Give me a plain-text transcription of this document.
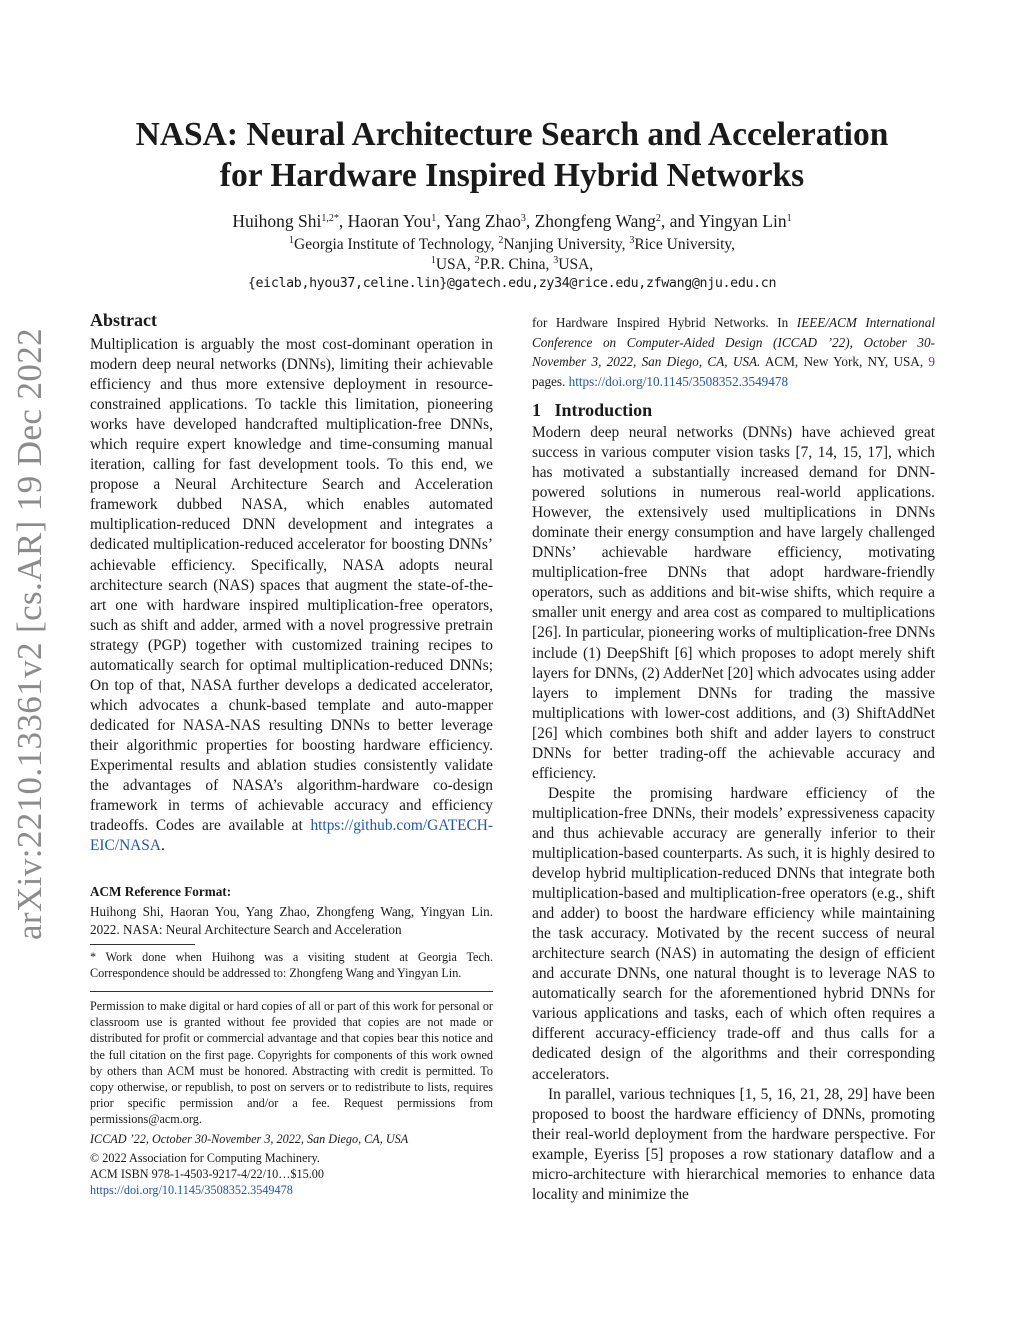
arXiv:2210.13361v2 [cs.AR] 19 Dec 2022
NASA: Neural Architecture Search and Acceleration
for Hardware Inspired Hybrid Networks
Huihong Shi$^{1,2*}$, Haoran You$^1$, Yang Zhao$^3$, Zhongfeng Wang$^2$, and Yingyan Lin$^1$
$^1$Georgia Institute of Technology, $^2$Nanjing University, $^3$Rice University,
$^1$USA, $^2$P.R. China, $^3$USA,
{eiclab,hyou37,celine.lin}@gatech.edu,zy34@rice.edu,zfwang@nju.edu.cn

Abstract

Multiplication is arguably the most cost-dominant operation in modern deep neural networks (DNNs), limiting their achievable efficiency and thus more extensive deployment in resource-constrained applications. To tackle this limitation, pioneering works have developed handcrafted multiplication-free DNNs, which require expert knowledge and time-consuming manual iteration, calling for fast development tools. To this end, we propose a Neural Architecture Search and Acceleration framework dubbed NASA, which enables automated multiplication-reduced DNN development and integrates a dedicated multiplication-reduced accelerator for boosting DNNs’ achievable efficiency. Specifically, NASA adopts neural architecture search (NAS) spaces that augment the state-of-the-art one with hardware inspired multiplication-free operators, such as shift and adder, armed with a novel progressive pretrain strategy (PGP) together with customized training recipes to automatically search for optimal multiplication-reduced DNNs; On top of that, NASA further develops a dedicated accelerator, which advocates a chunk-based template and auto-mapper dedicated for NASA-NAS resulting DNNs to better leverage their algorithmic properties for boosting hardware efficiency. Experimental results and ablation studies consistently validate the advantages of NASA’s algorithm-hardware co-design framework in terms of achievable accuracy and efficiency tradeoffs. Codes are available at https://github.com/GATECH-EIC/NASA.

ACM Reference Format:

Huihong Shi, Haoran You, Yang Zhao, Zhongfeng Wang, Yingyan Lin. 2022. NASA: Neural Architecture Search and Acceleration

* Work done when Huihong was a visiting student at Georgia Tech. Correspondence should be addressed to: Zhongfeng Wang and Yingyan Lin.

Permission to make digital or hard copies of all or part of this work for personal or classroom use is granted without fee provided that copies are not made or distributed for profit or commercial advantage and that copies bear this notice and the full citation on the first page. Copyrights for components of this work owned by others than ACM must be honored. Abstracting with credit is permitted. To copy otherwise, or republish, to post on servers or to redistribute to lists, requires prior specific permission and/or a fee. Request permissions from permissions@acm.org.

ICCAD ’22, October 30-November 3, 2022, San Diego, CA, USA

© 2022 Association for Computing Machinery.

ACM ISBN 978-1-4503-9217-4/22/10…$15.00

https://doi.org/10.1145/3508352.3549478

for Hardware Inspired Hybrid Networks. In IEEE/ACM International Conference on Computer-Aided Design (ICCAD ’22), October 30-November 3, 2022, San Diego, CA, USA. ACM, New York, NY, USA, 9 pages. https://doi.org/10.1145/3508352.3549478

1   Introduction

Modern deep neural networks (DNNs) have achieved great success in various computer vision tasks [7, 14, 15, 17], which has motivated a substantially increased demand for DNN-powered solutions in numerous real-world applications. However, the extensively used multiplications in DNNs dominate their energy consumption and have largely challenged DNNs’ achievable hardware efficiency, motivating multiplication-free DNNs that adopt hardware-friendly operators, such as additions and bit-wise shifts, which require a smaller unit energy and area cost as compared to multiplications [26]. In particular, pioneering works of multiplication-free DNNs include (1) DeepShift [6] which proposes to adopt merely shift layers for DNNs, (2) AdderNet [20] which advocates using adder layers to implement DNNs for trading the massive multiplications with lower-cost additions, and (3) ShiftAddNet [26] which combines both shift and adder layers to construct DNNs for better trading-off the achievable accuracy and efficiency.

Despite the promising hardware efficiency of the multiplication-free DNNs, their models’ expressiveness capacity and thus achievable accuracy are generally inferior to their multiplication-based counterparts. As such, it is highly desired to develop hybrid multiplication-reduced DNNs that integrate both multiplication-based and multiplication-free operators (e.g., shift and adder) to boost the hardware efficiency while maintaining the task accuracy. Motivated by the recent success of neural architecture search (NAS) in automating the design of efficient and accurate DNNs, one natural thought is to leverage NAS to automatically search for the aforementioned hybrid DNNs for various applications and tasks, each of which often requires a different accuracy-efficiency trade-off and thus calls for a dedicated design of the algorithms and their corresponding accelerators.

In parallel, various techniques [1, 5, 16, 21, 28, 29] have been proposed to boost the hardware efficiency of DNNs, promoting their real-world deployment from the hardware perspective. For example, Eyeriss [5] proposes a row stationary dataflow and a micro-architecture with hierarchical memories to enhance data locality and minimize the
